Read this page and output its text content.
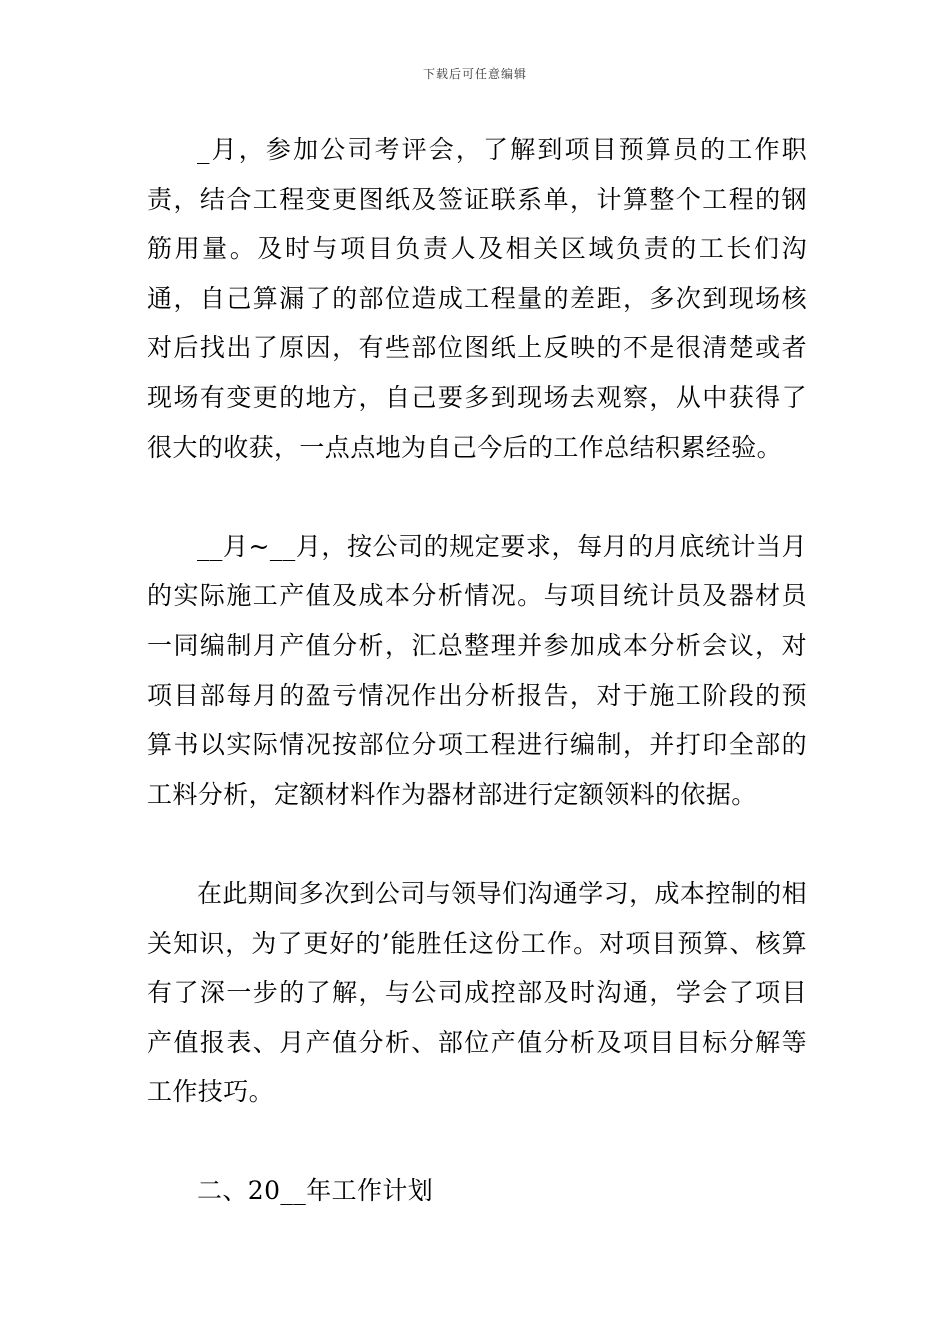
下载后可任意编辑

_月，参加公司考评会，了解到项目预算员的工作职责，结合工程变更图纸及签证联系单，计算整个工程的钢筋用量。及时与项目负责人及相关区域负责的工长们沟通，自己算漏了的部位造成工程量的差距，多次到现场核对后找出了原因，有些部位图纸上反映的不是很清楚或者现场有变更的地方，自己要多到现场去观察，从中获得了很大的收获，一点点地为自己今后的工作总结积累经验。

__月~__月，按公司的规定要求，每月的月底统计当月的实际施工产值及成本分析情况。与项目统计员及器材员一同编制月产值分析，汇总整理并参加成本分析会议，对项目部每月的盈亏情况作出分析报告，对于施工阶段的预算书以实际情况按部位分项工程进行编制，并打印全部的工料分析，定额材料作为器材部进行定额领料的依据。

在此期间多次到公司与领导们沟通学习，成本控制的相关知识，为了更好的’能胜任这份工作。对项目预算、核算有了深一步的了解，与公司成控部及时沟通，学会了项目产值报表、月产值分析、部位产值分析及项目目标分解等工作技巧。

二、20__年工作计划
